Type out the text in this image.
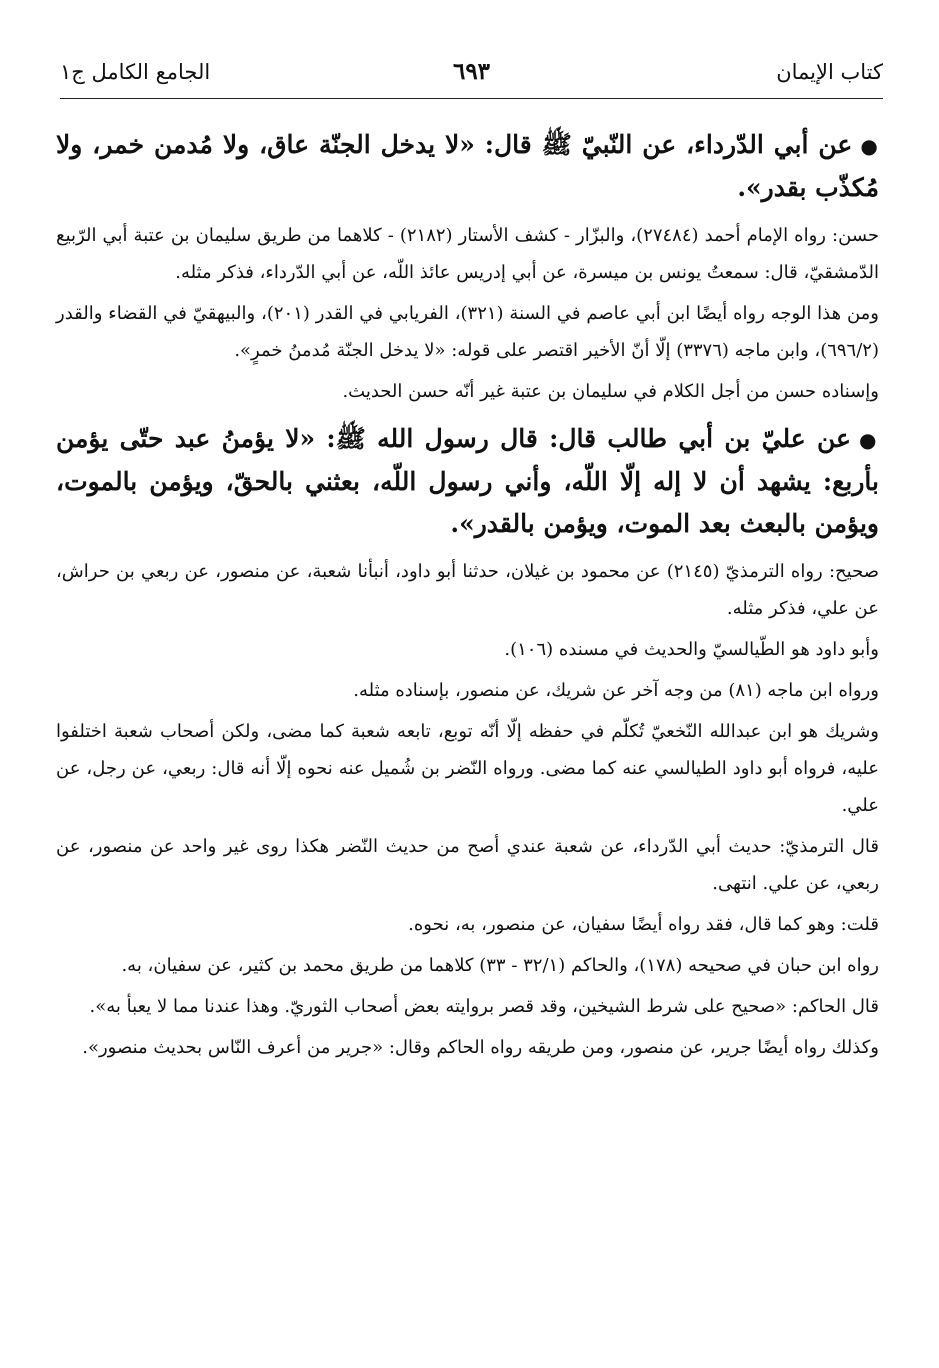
كتاب الإيمان
٦٩٣
الجامع الكامل ج١

●عن أبي الدّرداء، عن النّبيّ ﷺ قال: «لا يدخل الجنّة عاق، ولا مُدمن خمر، ولا مُكذّب بقدر».

حسن: رواه الإمام أحمد (٢٧٤٨٤)، والبزّار - كشف الأستار (٢١٨٢) - كلاهما من طريق سليمان بن عتبة أبي الرّبيع الدّمشقيّ، قال: سمعتُ يونس بن ميسرة، عن أبي إدريس عائذ اللّه، عن أبي الدّرداء، فذكر مثله.

ومن هذا الوجه رواه أيضًا ابن أبي عاصم في السنة (٣٢١)، الفريابي في القدر (٢٠١)، والبيهقيّ في القضاء والقدر (٦٩٦/٢)، وابن ماجه (٣٣٧٦) إلّا أنّ الأخير اقتصر على قوله: «لا يدخل الجنّة مُدمنُ خمرٍ».

وإسناده حسن من أجل الكلام في سليمان بن عتبة غير أنّه حسن الحديث.

●عن عليّ بن أبي طالب قال: قال رسول الله ﷺ: «لا يؤمنُ عبد حتّى يؤمن بأربع: يشهد أن لا إله إلّا اللّه، وأني رسول اللّه، بعثني بالحقّ، ويؤمن بالموت، ويؤمن بالبعث بعد الموت، ويؤمن بالقدر».

صحيح: رواه الترمذيّ (٢١٤٥) عن محمود بن غيلان، حدثنا أبو داود، أنبأنا شعبة، عن منصور، عن ربعي بن حراش، عن علي، فذكر مثله.

وأبو داود هو الطّيالسيّ والحديث في مسنده (١٠٦).

ورواه ابن ماجه (٨١) من وجه آخر عن شريك، عن منصور، بإسناده مثله.

وشريك هو ابن عبدالله النّخعيّ تُكلّم في حفظه إلّا أنّه توبع، تابعه شعبة كما مضى، ولكن أصحاب شعبة اختلفوا عليه، فرواه أبو داود الطيالسي عنه كما مضى. ورواه النّضر بن شُميل عنه نحوه إلّا أنه قال: ربعي، عن رجل، عن علي.

قال الترمذيّ: حديث أبي الدّرداء، عن شعبة عندي أصح من حديث النّضر هكذا روى غير واحد عن منصور، عن ربعي، عن علي. انتهى.

قلت: وهو كما قال، فقد رواه أيضًا سفيان، عن منصور، به، نحوه.

رواه ابن حبان في صحيحه (١٧٨)، والحاكم (٣٢/١ - ٣٣) كلاهما من طريق محمد بن كثير، عن سفيان، به.

قال الحاكم: «صحيح على شرط الشيخين، وقد قصر بروايته بعض أصحاب الثوريّ. وهذا عندنا مما لا يعبأ به».

وكذلك رواه أيضًا جرير، عن منصور، ومن طريقه رواه الحاكم وقال: «جرير من أعرف النّاس بحديث منصور».
